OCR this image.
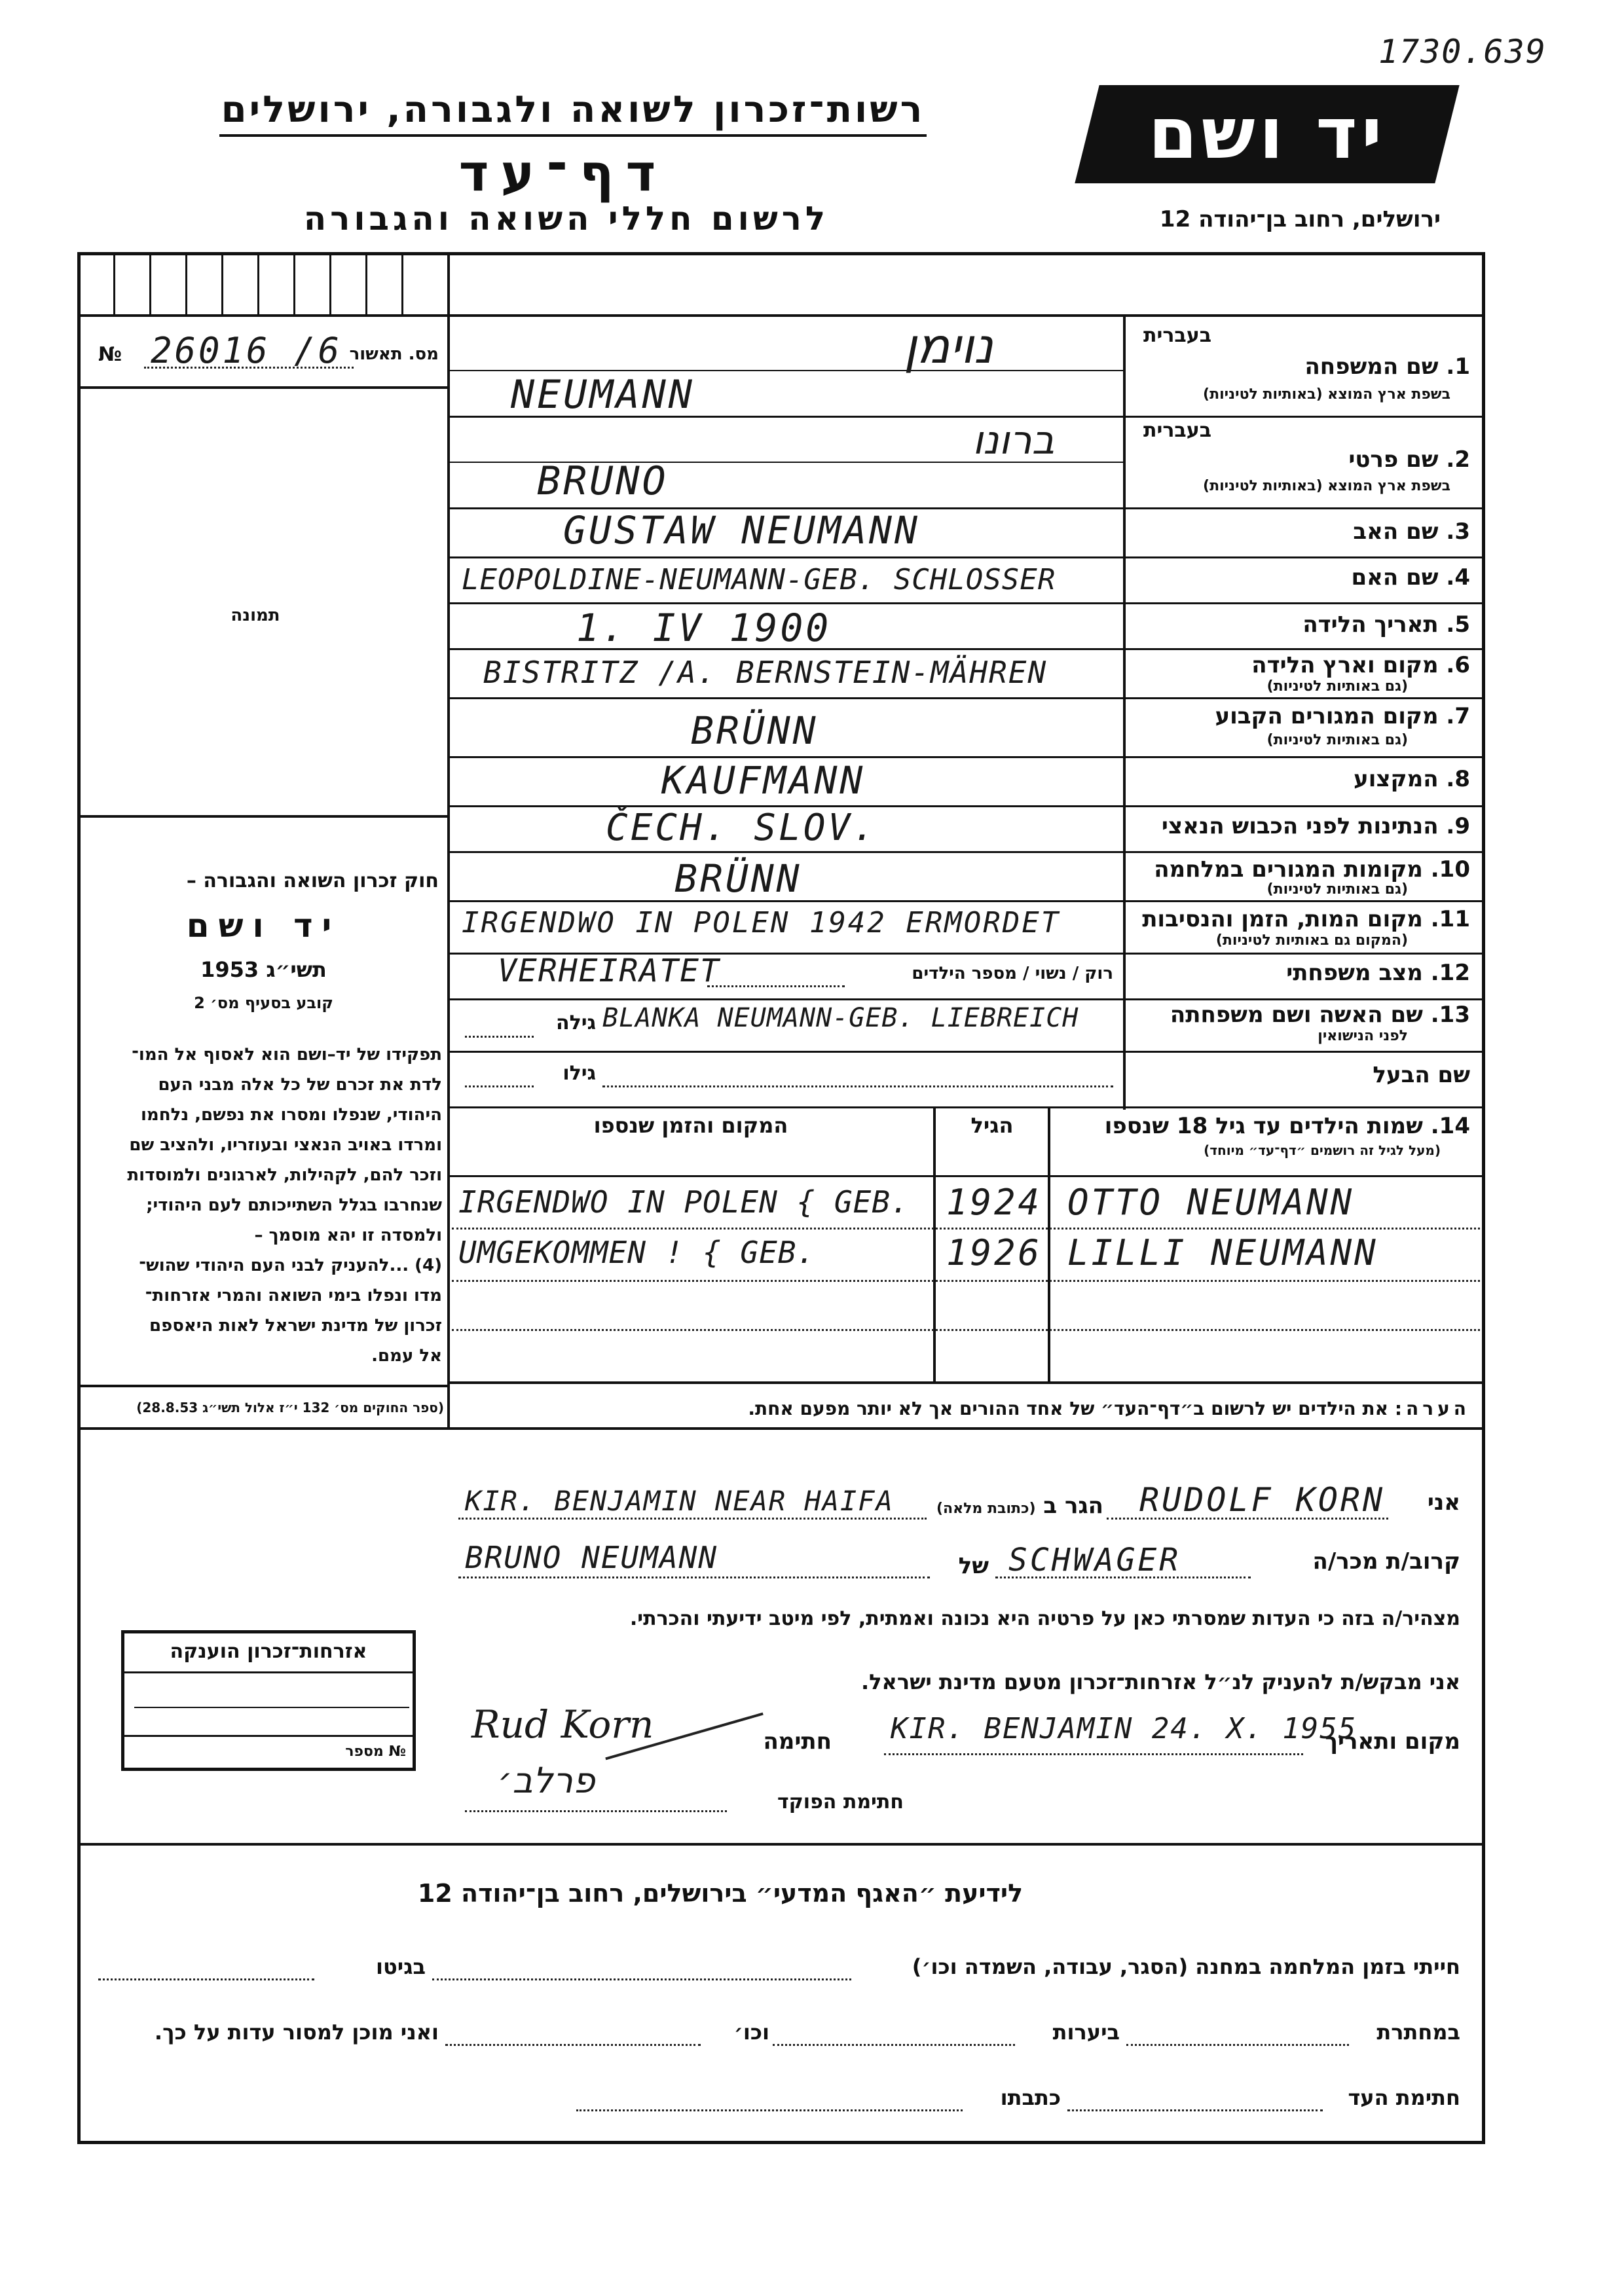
1730.639
רשות־זכרון לשואה ולגבורה, ירושלים
דף־עד
לרשום חללי השואה והגבורה
יד ושם
ירושלים, רחוב בן־יהודה 12
№ 26016 /6 מס. תאשור
תמונה
חוק זכרון השואה והגבורה –
יד ושם
תשי״ג 1953
קובע בסעיף מס׳ 2
תפקידו של יד–ושם הוא לאסוף אל המו־
לדת את זכרם של כל אלה מבני העם
היהודי, שנפלו ומסרו את נפשם, נלחמו
ומרדו באויב הנאצי ובעוזריו, ולהציב שם
וזכר להם, לקהילות, לארגונים ולמוסדות
שנחרבו בגלל השתייכותם לעם היהודי;
ולמסדה זו יהא מוסמך –
(4) ...להעניק לבני העם היהודי שהוש־
מדו ונפלו בימי השואה והמרי אזרחות־
זכרון של מדינת ישראל לאות היאספם
אל עמם.
(ספר החוקים מס׳ 132 י״ז אלול תשי״ג 28.8.53)
בעברית
1. שם המשפחה
בשפת ארץ המוצא (באותיות לטיניות)
נוימן
NEUMANN
בעברית
2. שם פרטי
בשפת ארץ המוצא (באותיות לטיניות)
ברונו
BRUNO
3. שם האב
GUSTAW NEUMANN
4. שם האם
LEOPOLDINE-NEUMANN-GEB. SCHLOSSER
5. תאריך הלידה
1. IV 1900
6. מקום וארץ הלידה
(גם באותיות לטיניות)
BISTRITZ /A. BERNSTEIN-MÄHREN
7. מקום המגורים הקבוע
(גם באותיות לטיניות)
BRÜNN
8. המקצוע
KAUFMANN
9. הנתינות לפני הכבוש הנאצי
ČECH. SLOV.
10. מקומות המגורים במלחמה
(גם באותיות לטיניות)
BRÜNN
11. מקום המות, הזמן והנסיבות
(המקום גם באותיות לטיניות)
IRGENDWO IN POLEN 1942 ERMORDET
12. מצב משפחתי
רוק / נשוי / מספר הילדים
VERHEIRATET
13. שם האשה ושם משפחתה
לפני הנישואין
גילה BLANKA NEUMANN-GEB. LIEBREICH
שם הבעל
גילו
14. שמות הילדים עד גיל 18 שנספו
(מעל לגיל זה רושמים ״דף־עד״ מיוחד)
הגיל
המקום והזמן שנספו
IRGENDWO IN POLEN { GEB. 1924 OTTO NEUMANN
UMGEKOMMEN ! { GEB.	1926 LILLI NEUMANN
הערה: את הילדים יש לרשום ב״דף־העד״ של אחד ההורים אך לא יותר מפעם אחת.
אני
RUDOLF KORN
הגר ב (כתובת מלאה)
KIR. BENJAMIN NEAR HAIFA
קרוב/ת מכר/ה
SCHWAGER
של
BRUNO NEUMANN
מצהיר/ה בזה כי העדות שמסרתי כאן על פרטיה היא נכונה ואמתית, לפי מיטב ידיעתי והכרתי.
אני מבקש/ת להעניק לנ״ל אזרחות־זכרון מטעם מדינת ישראל.
מקום ותאריך
KIR. BENJAMIN 24. X. 1955
חתימה
Rud Korn
חתימת הפוקד
פרלב׳
אזרחות־זכרון הוענקה
№ מספר
לידיעת ״האגף המדעי״ בירושלים, רחוב בן־יהודה 12
חייתי בזמן המלחמה במחנה (הסגר, עבודה, השמדה וכו׳)
בגיטו
במחתרת
ביערות
וכו׳
ואני מוכן למסור עדות על כך.
חתימת העד
כתבתו
